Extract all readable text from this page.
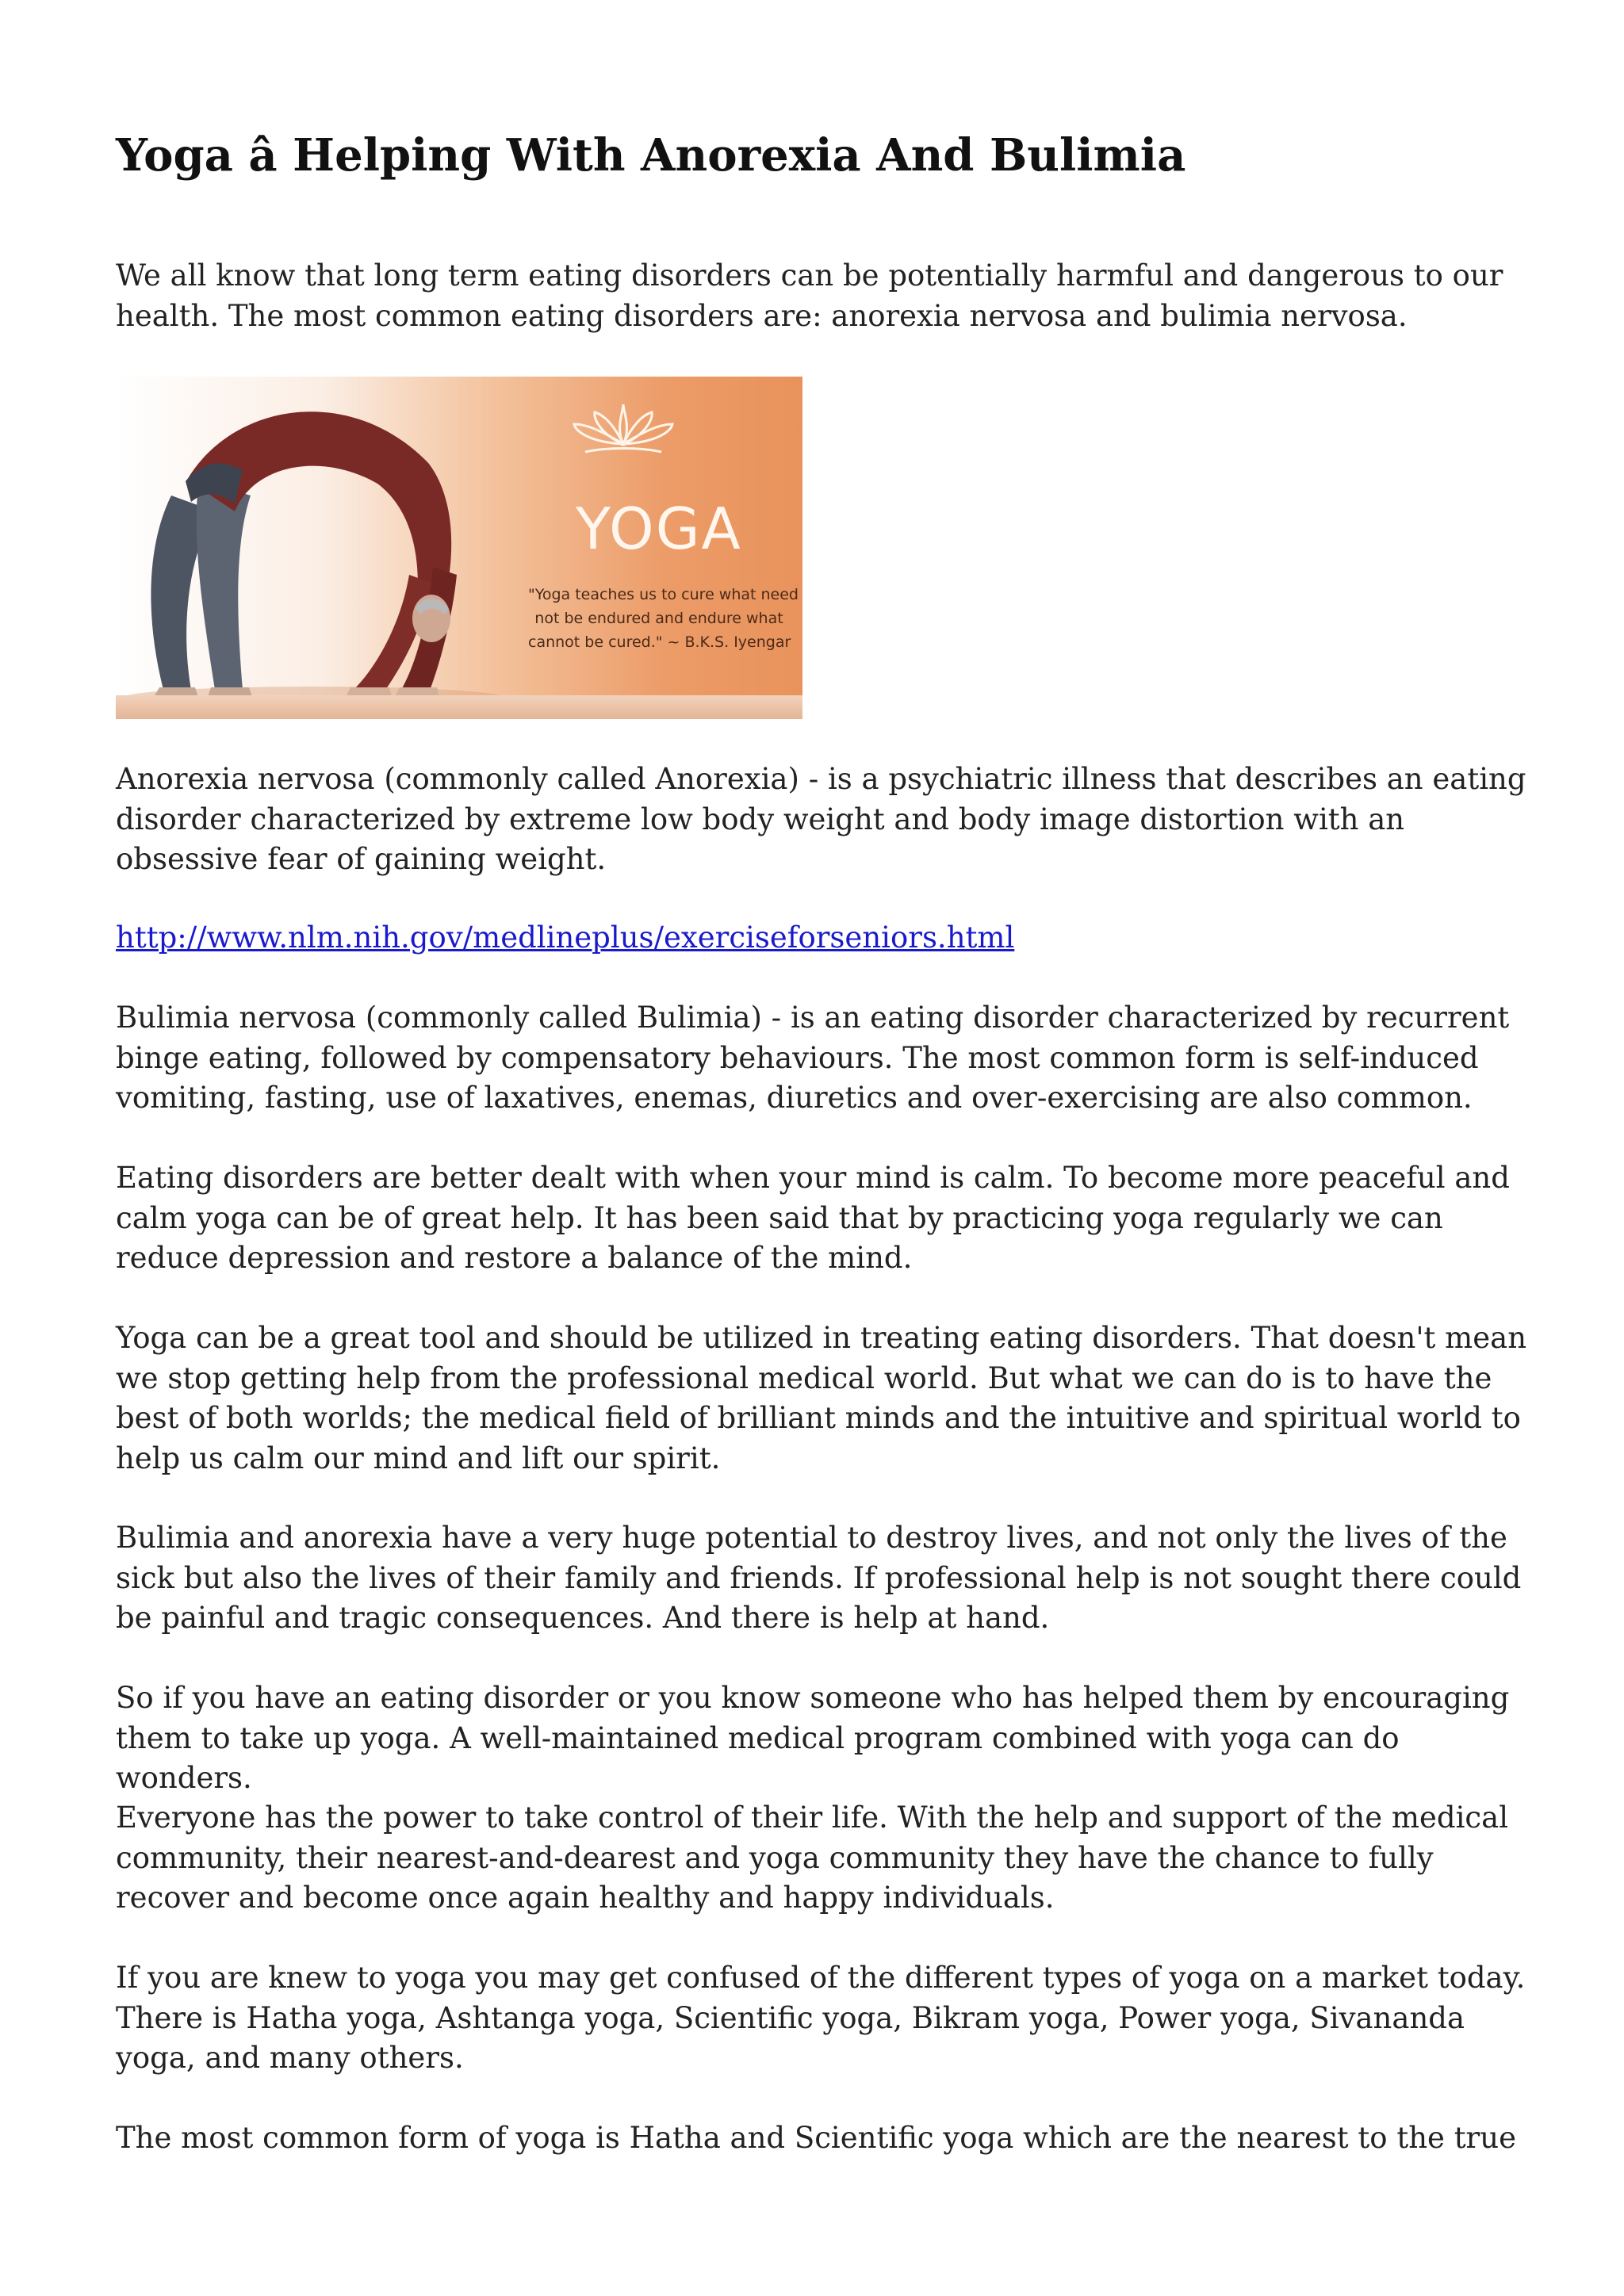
Yoga â Helping With Anorexia And Bulimia

We all know that long term eating disorders can be potentially harmful and dangerous to our health. The most common eating disorders are: anorexia nervosa and bulimia nervosa.

YOGA
"Yoga teaches us to cure what need
not be endured and endure what
cannot be cured." ~ B.K.S. Iyengar

Anorexia nervosa (commonly called Anorexia) - is a psychiatric illness that describes an eating disorder characterized by extreme low body weight and body image distortion with an obsessive fear of gaining weight.

http://www.nlm.nih.gov/medlineplus/exerciseforseniors.html

Bulimia nervosa (commonly called Bulimia) - is an eating disorder characterized by recurrent binge eating, followed by compensatory behaviours. The most common form is self-induced vomiting, fasting, use of laxatives, enemas, diuretics and over-exercising are also common.

Eating disorders are better dealt with when your mind is calm. To become more peaceful and calm yoga can be of great help. It has been said that by practicing yoga regularly we can reduce depression and restore a balance of the mind.

Yoga can be a great tool and should be utilized in treating eating disorders. That doesn't mean we stop getting help from the professional medical world. But what we can do is to have the best of both worlds; the medical field of brilliant minds and the intuitive and spiritual world to help us calm our mind and lift our spirit.

Bulimia and anorexia have a very huge potential to destroy lives, and not only the lives of the sick but also the lives of their family and friends. If professional help is not sought there could be painful and tragic consequences. And there is help at hand.

So if you have an eating disorder or you know someone who has helped them by encouraging them to take up yoga. A well-maintained medical program combined with yoga can do wonders.

Everyone has the power to take control of their life. With the help and support of the medical community, their nearest-and-dearest and yoga community they have the chance to fully recover and become once again healthy and happy individuals.

If you are knew to yoga you may get confused of the different types of yoga on a market today. There is Hatha yoga, Ashtanga yoga, Scientific yoga, Bikram yoga, Power yoga, Sivananda yoga, and many others.

The most common form of yoga is Hatha and Scientific yoga which are the nearest to the true
